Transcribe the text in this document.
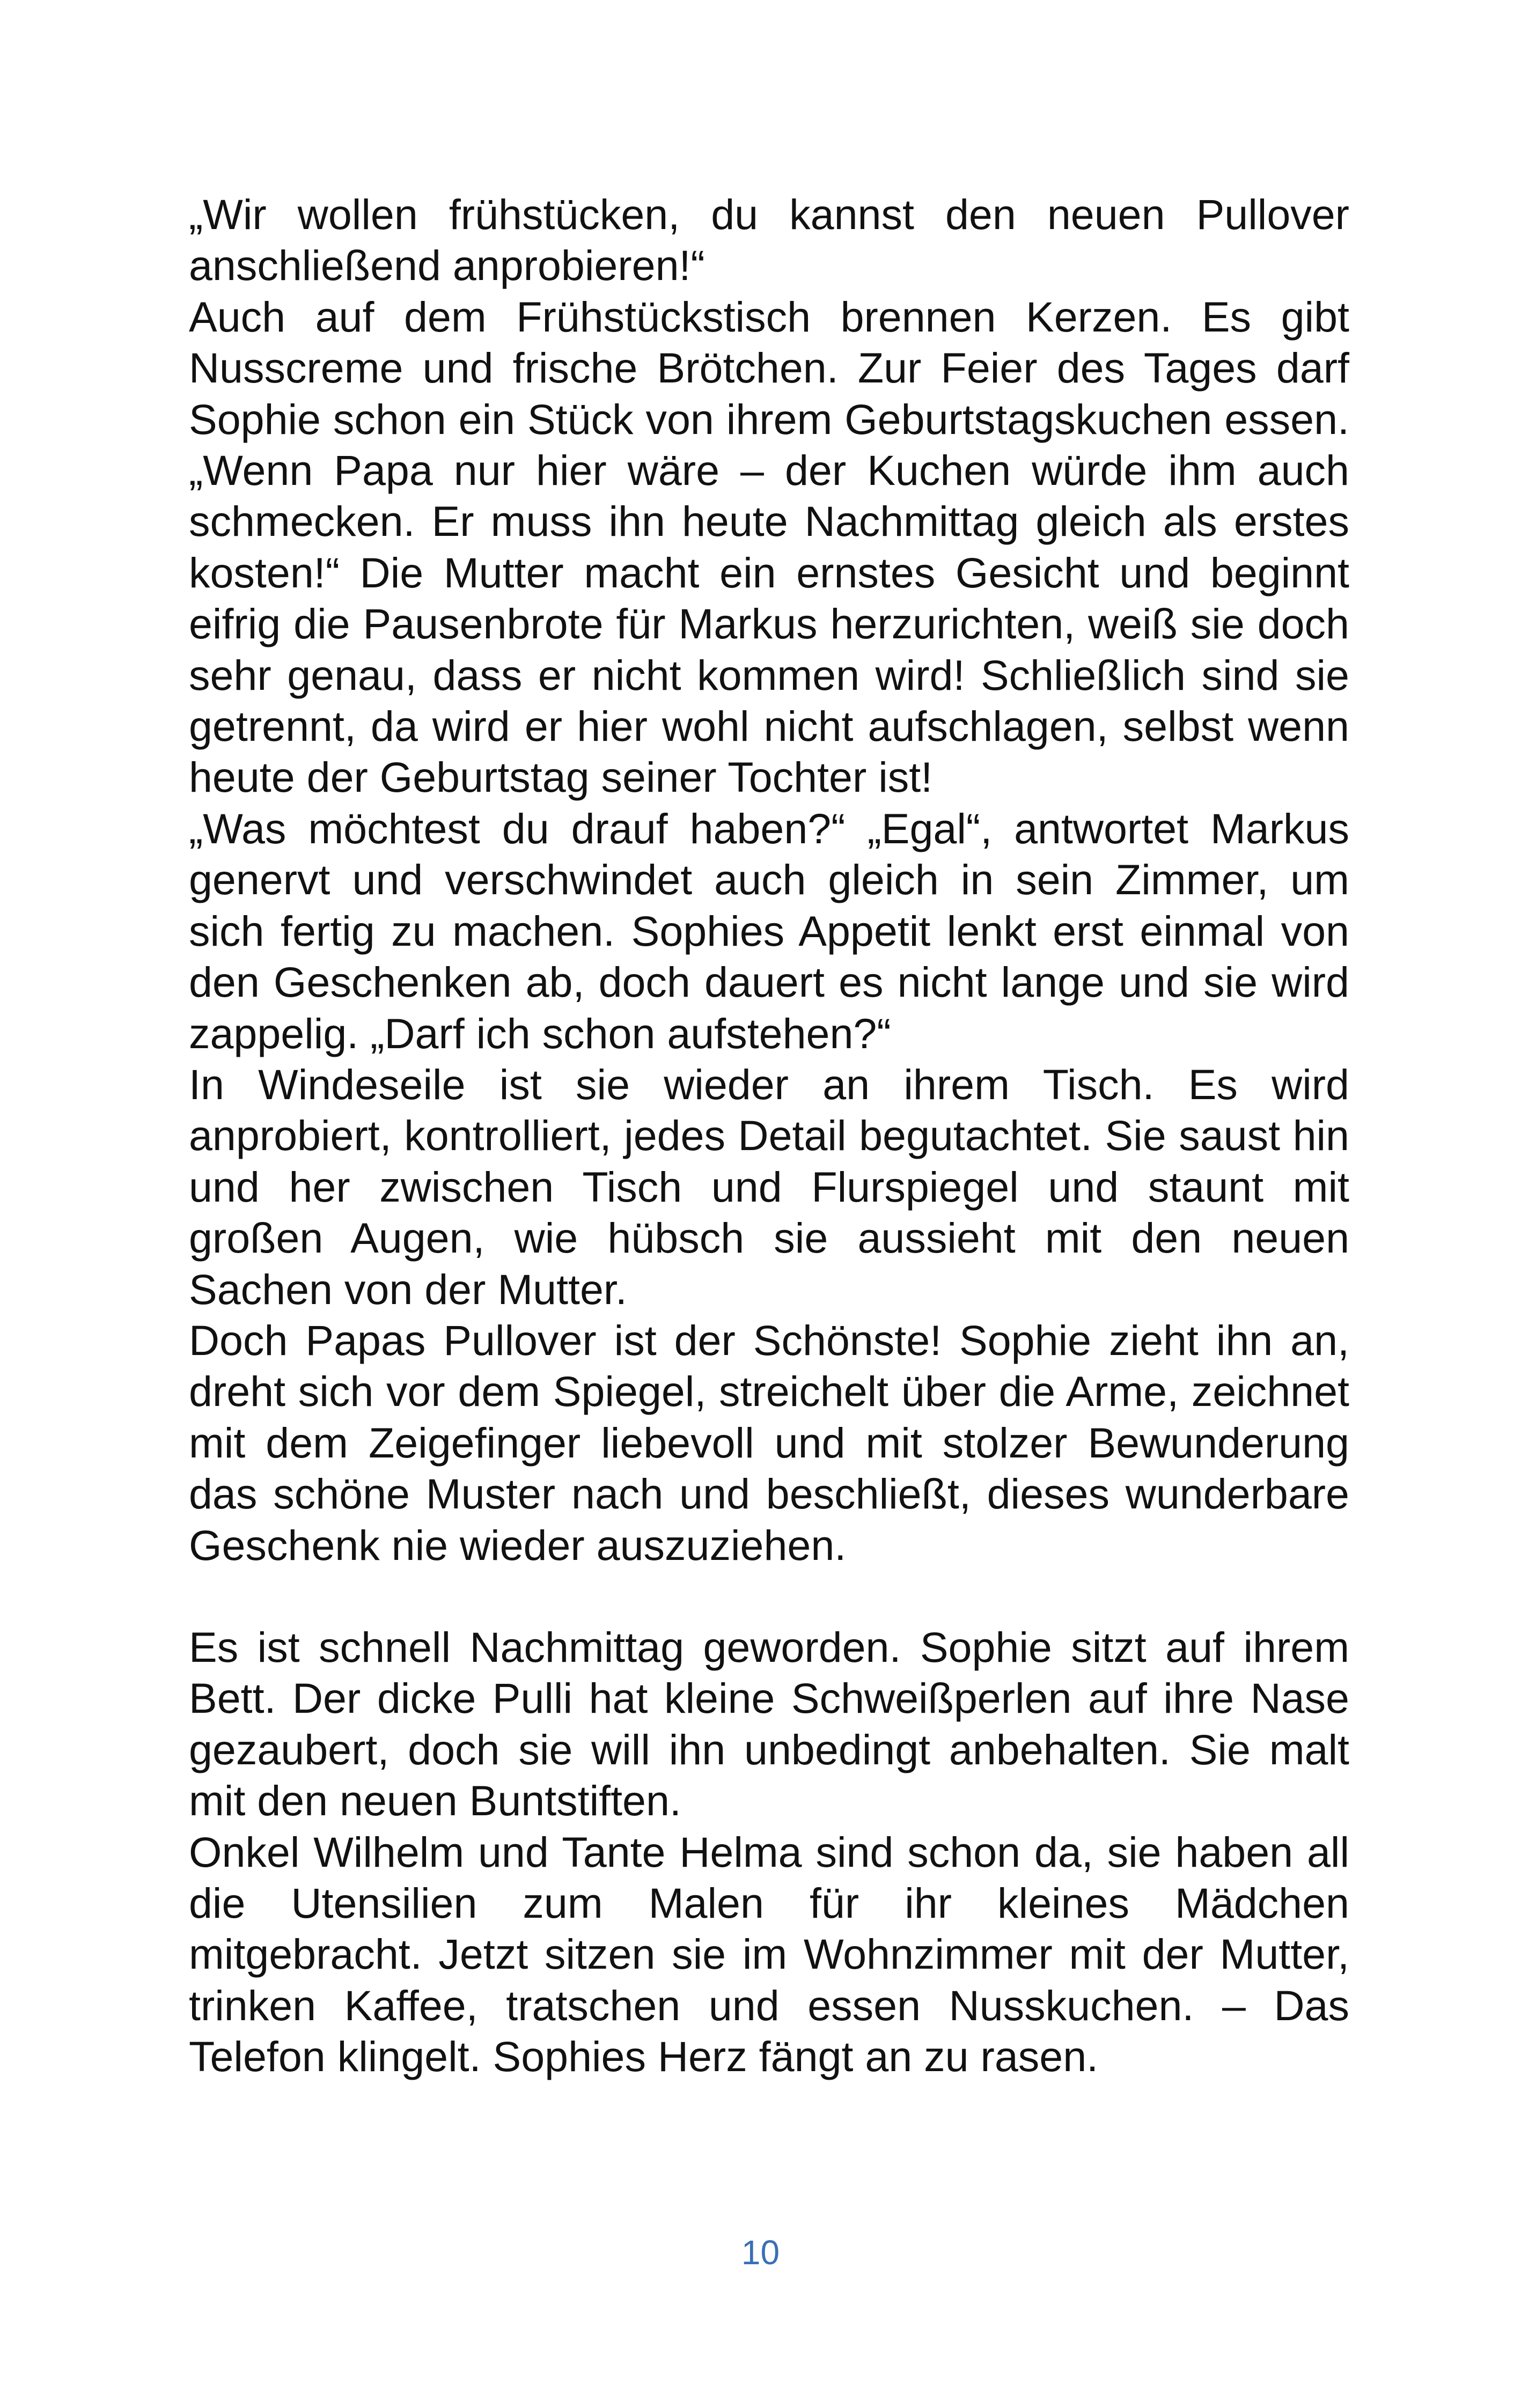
„Wir wollen frühstücken, du kannst den neuen Pullover anschließend anprobieren!“

Auch auf dem Frühstückstisch brennen Kerzen. Es gibt Nusscreme und frische Brötchen. Zur Feier des Tages darf Sophie schon ein Stück von ihrem Geburtstagskuchen essen. „Wenn Papa nur hier wäre – der Kuchen würde ihm auch schmecken. Er muss ihn heute Nachmittag gleich als erstes kosten!“ Die Mutter macht ein ernstes Gesicht und beginnt eifrig die Pausenbrote für Markus herzurichten, weiß sie doch sehr genau, dass er nicht kommen wird! Schließlich sind sie getrennt, da wird er hier wohl nicht aufschlagen, selbst wenn heute der Geburtstag seiner Tochter ist!

„Was möchtest du drauf haben?“ „Egal“, antwortet Markus genervt und verschwindet auch gleich in sein Zimmer, um sich fertig zu machen. Sophies Appetit lenkt erst einmal von den Geschenken ab, doch dauert es nicht lange und sie wird zappelig. „Darf ich schon aufstehen?“

In Windeseile ist sie wieder an ihrem Tisch. Es wird anprobiert, kontrolliert, jedes Detail begutachtet. Sie saust hin und her zwischen Tisch und Flurspiegel und staunt mit großen Augen, wie hübsch sie aussieht mit den neuen Sachen von der Mutter.

Doch Papas Pullover ist der Schönste! Sophie zieht ihn an, dreht sich vor dem Spiegel, streichelt über die Arme, zeichnet mit dem Zeigefinger liebevoll und mit stolzer Bewunderung das schöne Muster nach und beschließt, dieses wunderbare Geschenk nie wieder auszuziehen.

Es ist schnell Nachmittag geworden. Sophie sitzt auf ihrem Bett. Der dicke Pulli hat kleine Schweißperlen auf ihre Nase gezaubert, doch sie will ihn unbedingt anbehalten. Sie malt mit den neuen Buntstiften.

Onkel Wilhelm und Tante Helma sind schon da, sie haben all die Utensilien zum Malen für ihr kleines Mädchen mitgebracht. Jetzt sitzen sie im Wohnzimmer mit der Mutter, trinken Kaffee, tratschen und essen Nusskuchen. – Das Telefon klingelt. Sophies Herz fängt an zu rasen.

10
